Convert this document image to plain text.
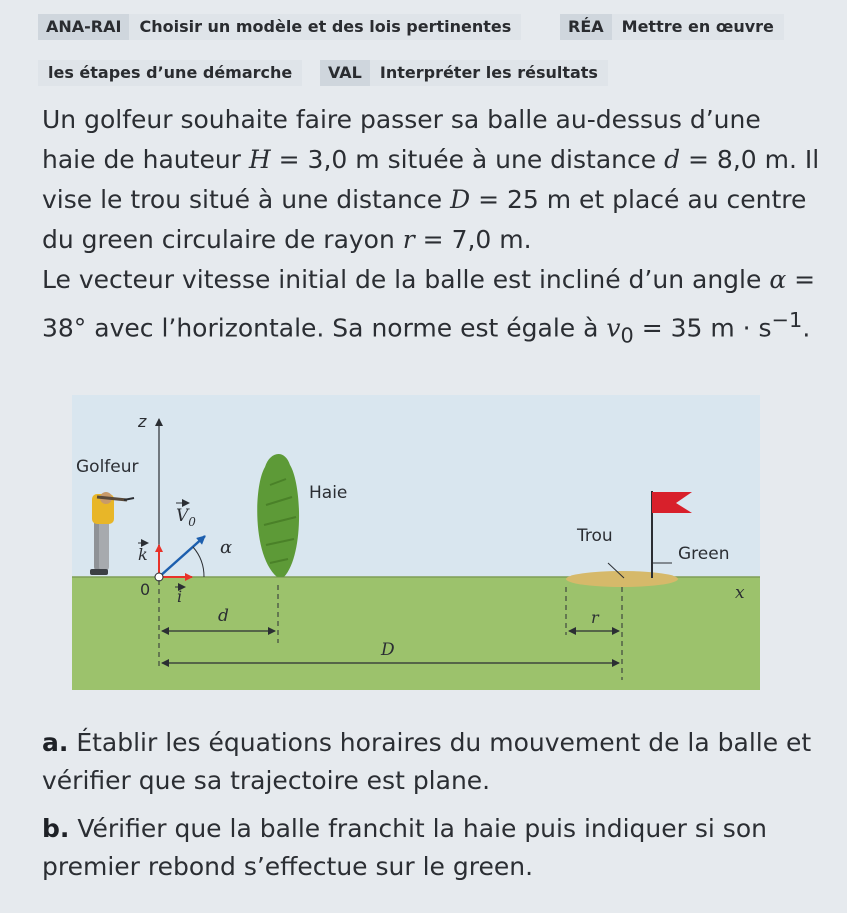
ANA-RAI Choisir un modèle et des lois pertinentes	RÉA Mettre en œuvre
les étapes d’une démarche	VAL Interpréter les résultats

Un golfeur souhaite faire passer sa balle au-dessus d’une haie de hauteur H = 3,0 m située à une distance d = 8,0 m. Il vise le trou situé à une distance D = 25 m et placé au centre du green circulaire de rayon r = 7,0 m.

Le vecteur vitesse initial de la balle est incliné d’un angle α = 38° avec l’horizontale. Sa norme est égale à $v_0 = 35$ $m \cdot s^{-1}$.

z
Golfeur
k
i
0
$V_0$
α
Haie
Trou
Green
x
d	r
D

a. Établir les équations horaires du mouvement de la balle et vérifier que sa trajectoire est plane.

b. Vérifier que la balle franchit la haie puis indiquer si son premier rebond s’effectue sur le green.
